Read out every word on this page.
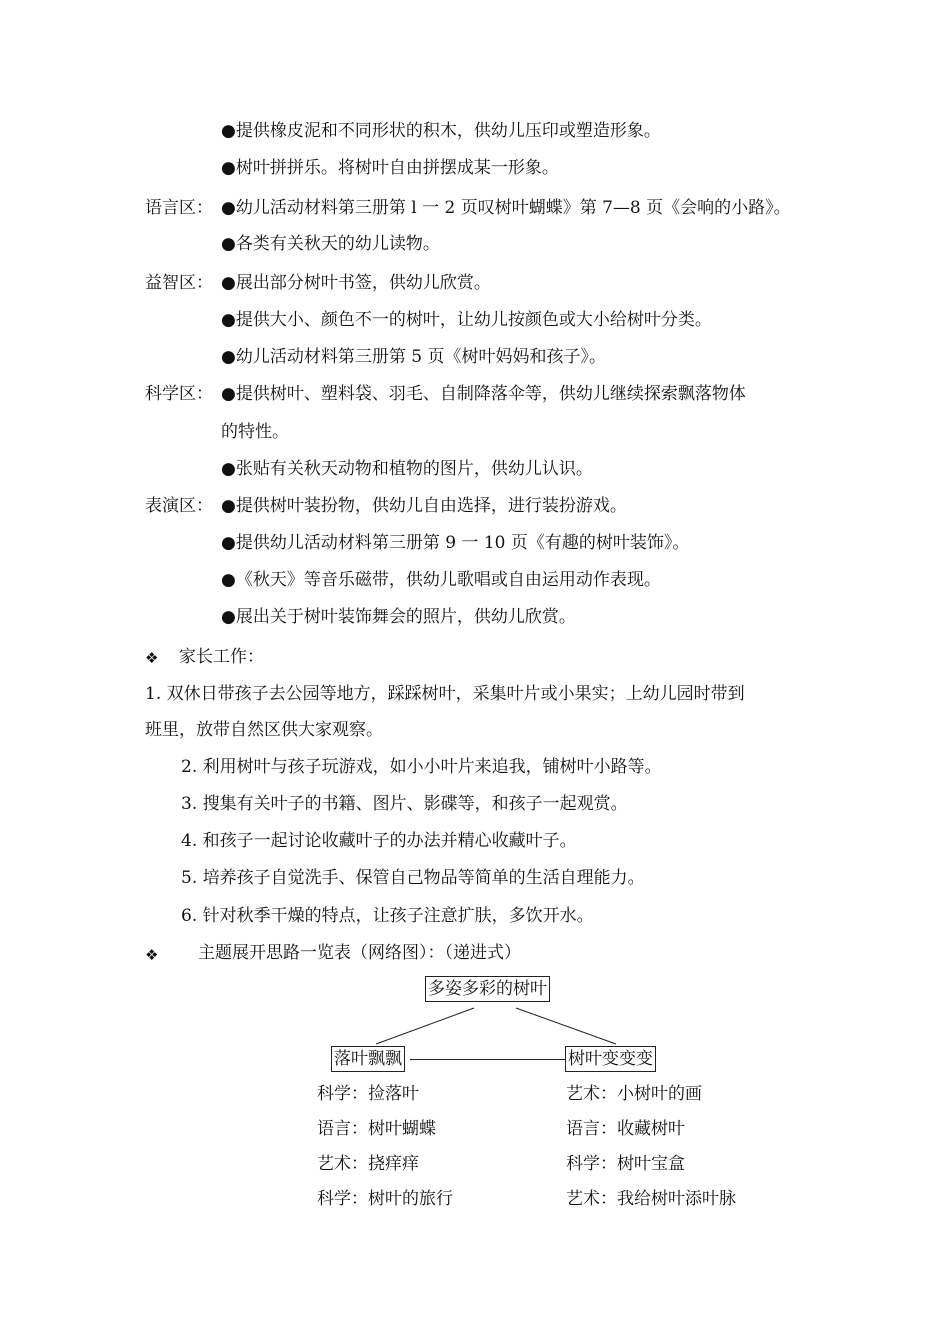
●提供橡皮泥和不同形状的积木，供幼儿压印或塑造形象。
●树叶拼拼乐。将树叶自由拼摆成某一形象。
语言区： ●幼儿活动材料第三册第 l 一 2 页叹树叶蝴蝶》第 7—8 页《会响的小路》。
●各类有关秋天的幼儿读物。
益智区： ●展出部分树叶书签，供幼儿欣赏。
●提供大小、颜色不一的树叶，让幼儿按颜色或大小给树叶分类。
●幼儿活动材料第三册第 5 页《树叶妈妈和孩子》。
科学区： ●提供树叶、塑料袋、羽毛、自制降落伞等，供幼儿继续探索飘落物体
的特性。
●张贴有关秋天动物和植物的图片，供幼儿认识。
表演区： ●提供树叶装扮物，供幼儿自由选择，进行装扮游戏。
●提供幼儿活动材料第三册第 9 一 10 页《有趣的树叶装饰》。
●《秋天》等音乐磁带，供幼儿歌唱或自由运用动作表现。
●展出关于树叶装饰舞会的照片，供幼儿欣赏。
❖ 家长工作：
1. 双休日带孩子去公园等地方，踩踩树叶，采集叶片或小果实；上幼儿园时带到
班里，放带自然区供大家观察。
2. 利用树叶与孩子玩游戏，如小小叶片来追我，铺树叶小路等。
3. 搜集有关叶子的书籍、图片、影碟等，和孩子一起观赏。
4. 和孩子一起讨论收藏叶子的办法并精心收藏叶子。
5. 培养孩子自觉洗手、保管自己物品等简单的生活自理能力。
6. 针对秋季干燥的特点，让孩子注意扩肤，多饮开水。
❖ 主题展开思路一览表（网络图）：（递进式）
多姿多彩的树叶
落叶飘飘	树叶变变变
科学：捡落叶
语言：树叶蝴蝶
艺术：挠痒痒
科学：树叶的旅行
艺术：小树叶的画
语言：收藏树叶
科学：树叶宝盒
艺术：我给树叶添叶脉
